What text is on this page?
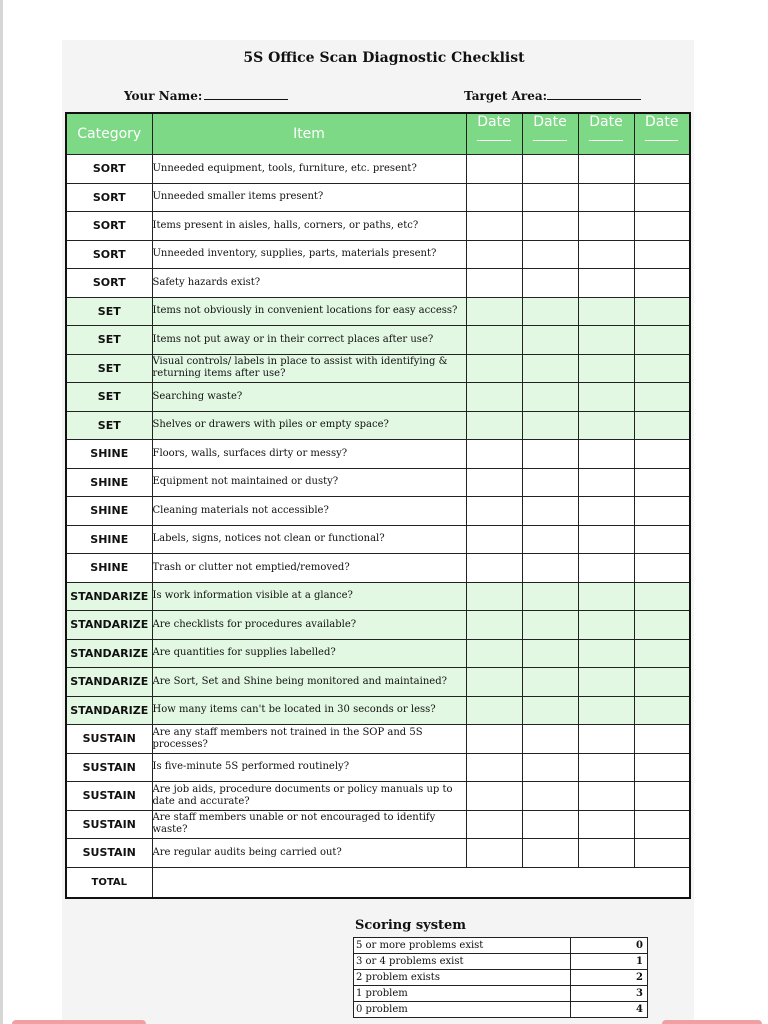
5S Office Scan Diagnostic Checklist
Your Name:	Target Area:
Category	Item	Date	Date	Date	Date
SORT	Unneeded equipment, tools, furniture, etc. present?				
SORT	Unneeded smaller items present?				
SORT	Items present in aisles, halls, corners, or paths, etc?				
SORT	Unneeded inventory, supplies, parts, materials present?				
SORT	Safety hazards exist?				
SET	Items not obviously in convenient locations for easy access?				
SET	Items not put away or in their correct places after use?				
SET	Visual controls/ labels in place to assist with identifying & returning items after use?				
SET	Searching waste?				
SET	Shelves or drawers with piles or empty space?				
SHINE	Floors, walls, surfaces dirty or messy?				
SHINE	Equipment not maintained or dusty?				
SHINE	Cleaning materials not accessible?				
SHINE	Labels, signs, notices not clean or functional?				
SHINE	Trash or clutter not emptied/removed?				
STANDARIZE	Is work information visible at a glance?				
STANDARIZE	Are checklists for procedures available?				
STANDARIZE	Are quantities for supplies labelled?				
STANDARIZE	Are Sort, Set and Shine being monitored and maintained?				
STANDARIZE	How many items can't be located in 30 seconds or less?				
SUSTAIN	Are any staff members not trained in the SOP and 5S processes?				
SUSTAIN	Is five-minute 5S performed routinely?				
SUSTAIN	Are job aids, procedure documents or policy manuals up to date and accurate?				
SUSTAIN	Are staff members unable or not encouraged to identify waste?				
SUSTAIN	Are regular audits being carried out?				
TOTAL					
Scoring system
5 or more problems exist	0
3 or 4 problems exist	1
2 problem exists	2
1 problem	3
0 problem	4
